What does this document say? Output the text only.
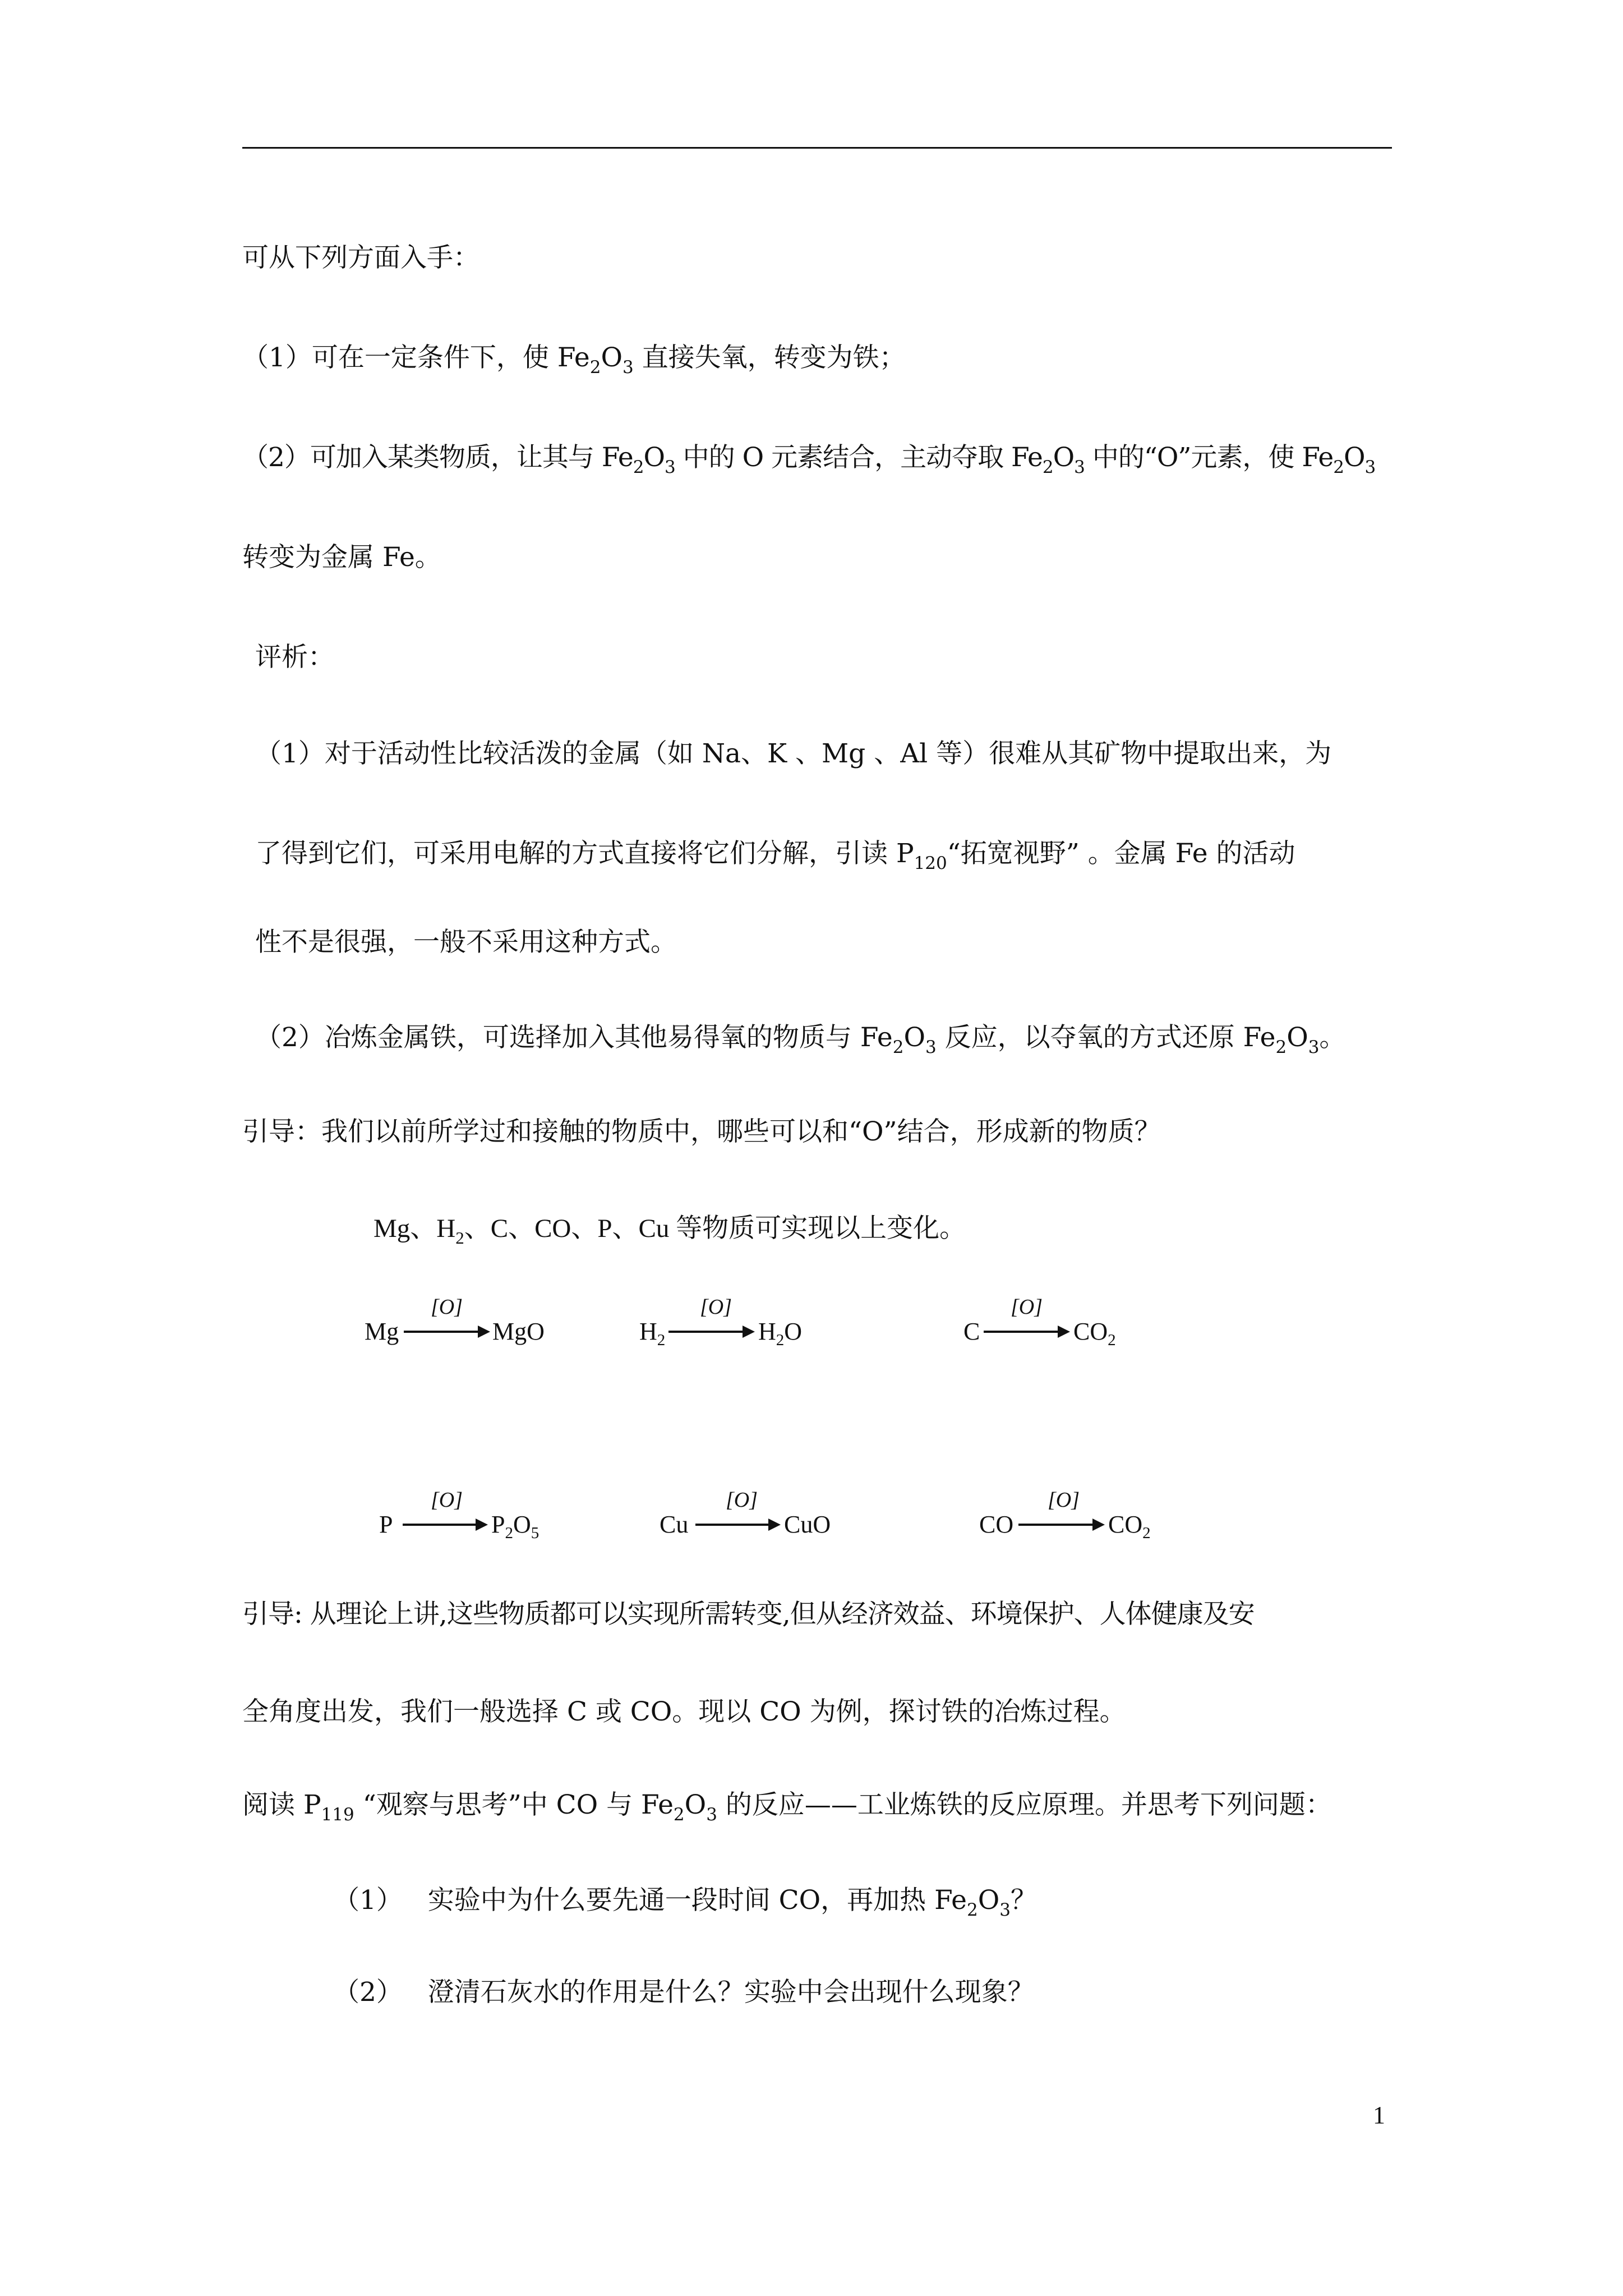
可从下列方面入手：
（1）可在一定条件下，使 $Fe_2O_3$ 直接失氧，转变为铁；
（2）可加入某类物质，让其与 $Fe_2O_3$ 中的 O 元素结合，主动夺取 $Fe_2O_3$ 中的“O”元素，使 $Fe_2O_3$
转变为金属 Fe。
评析：
（1）对于活动性比较活泼的金属（如 Na、K 、Mg 、Al 等）很难从其矿物中提取出来，为
了得到它们，可采用电解的方式直接将它们分解，引读 $P_{120}“$拓宽视野” 。金属 Fe 的活动
性不是很强，一般不采用这种方式。
（2）冶炼金属铁，可选择加入其他易得氧的物质与 $Fe_2O_3$ 反应，以夺氧的方式还原 $Fe_2O_3$。
引导：我们以前所学过和接触的物质中，哪些可以和“O”结合，形成新的物质？
Mg、$H_2$、C、CO、P、Cu 等物质可实现以上变化。
Mg
[O]
→ MgO	$H_2$
[O]
→ $H_2O$	C
[O]
→ $CO_2$
P
[O]
→ $P_2O_5$	Cu
[O]
→ CuO	CO
[O]
→ $CO_2$
引导: 从理论上讲,这些物质都可以实现所需转变,但从经济效益、环境保护、人体健康及安
全角度出发，我们一般选择 C 或 CO。现以 CO 为例，探讨铁的冶炼过程。
阅读 $P_{119}$ “观察与思考”中 CO 与 $Fe_2O_3$ 的反应——工业炼铁的反应原理。并思考下列问题：
（1）   实验中为什么要先通一段时间 CO，再加热 $Fe_2O_3$？
（2）   澄清石灰水的作用是什么？实验中会出现什么现象？
1
